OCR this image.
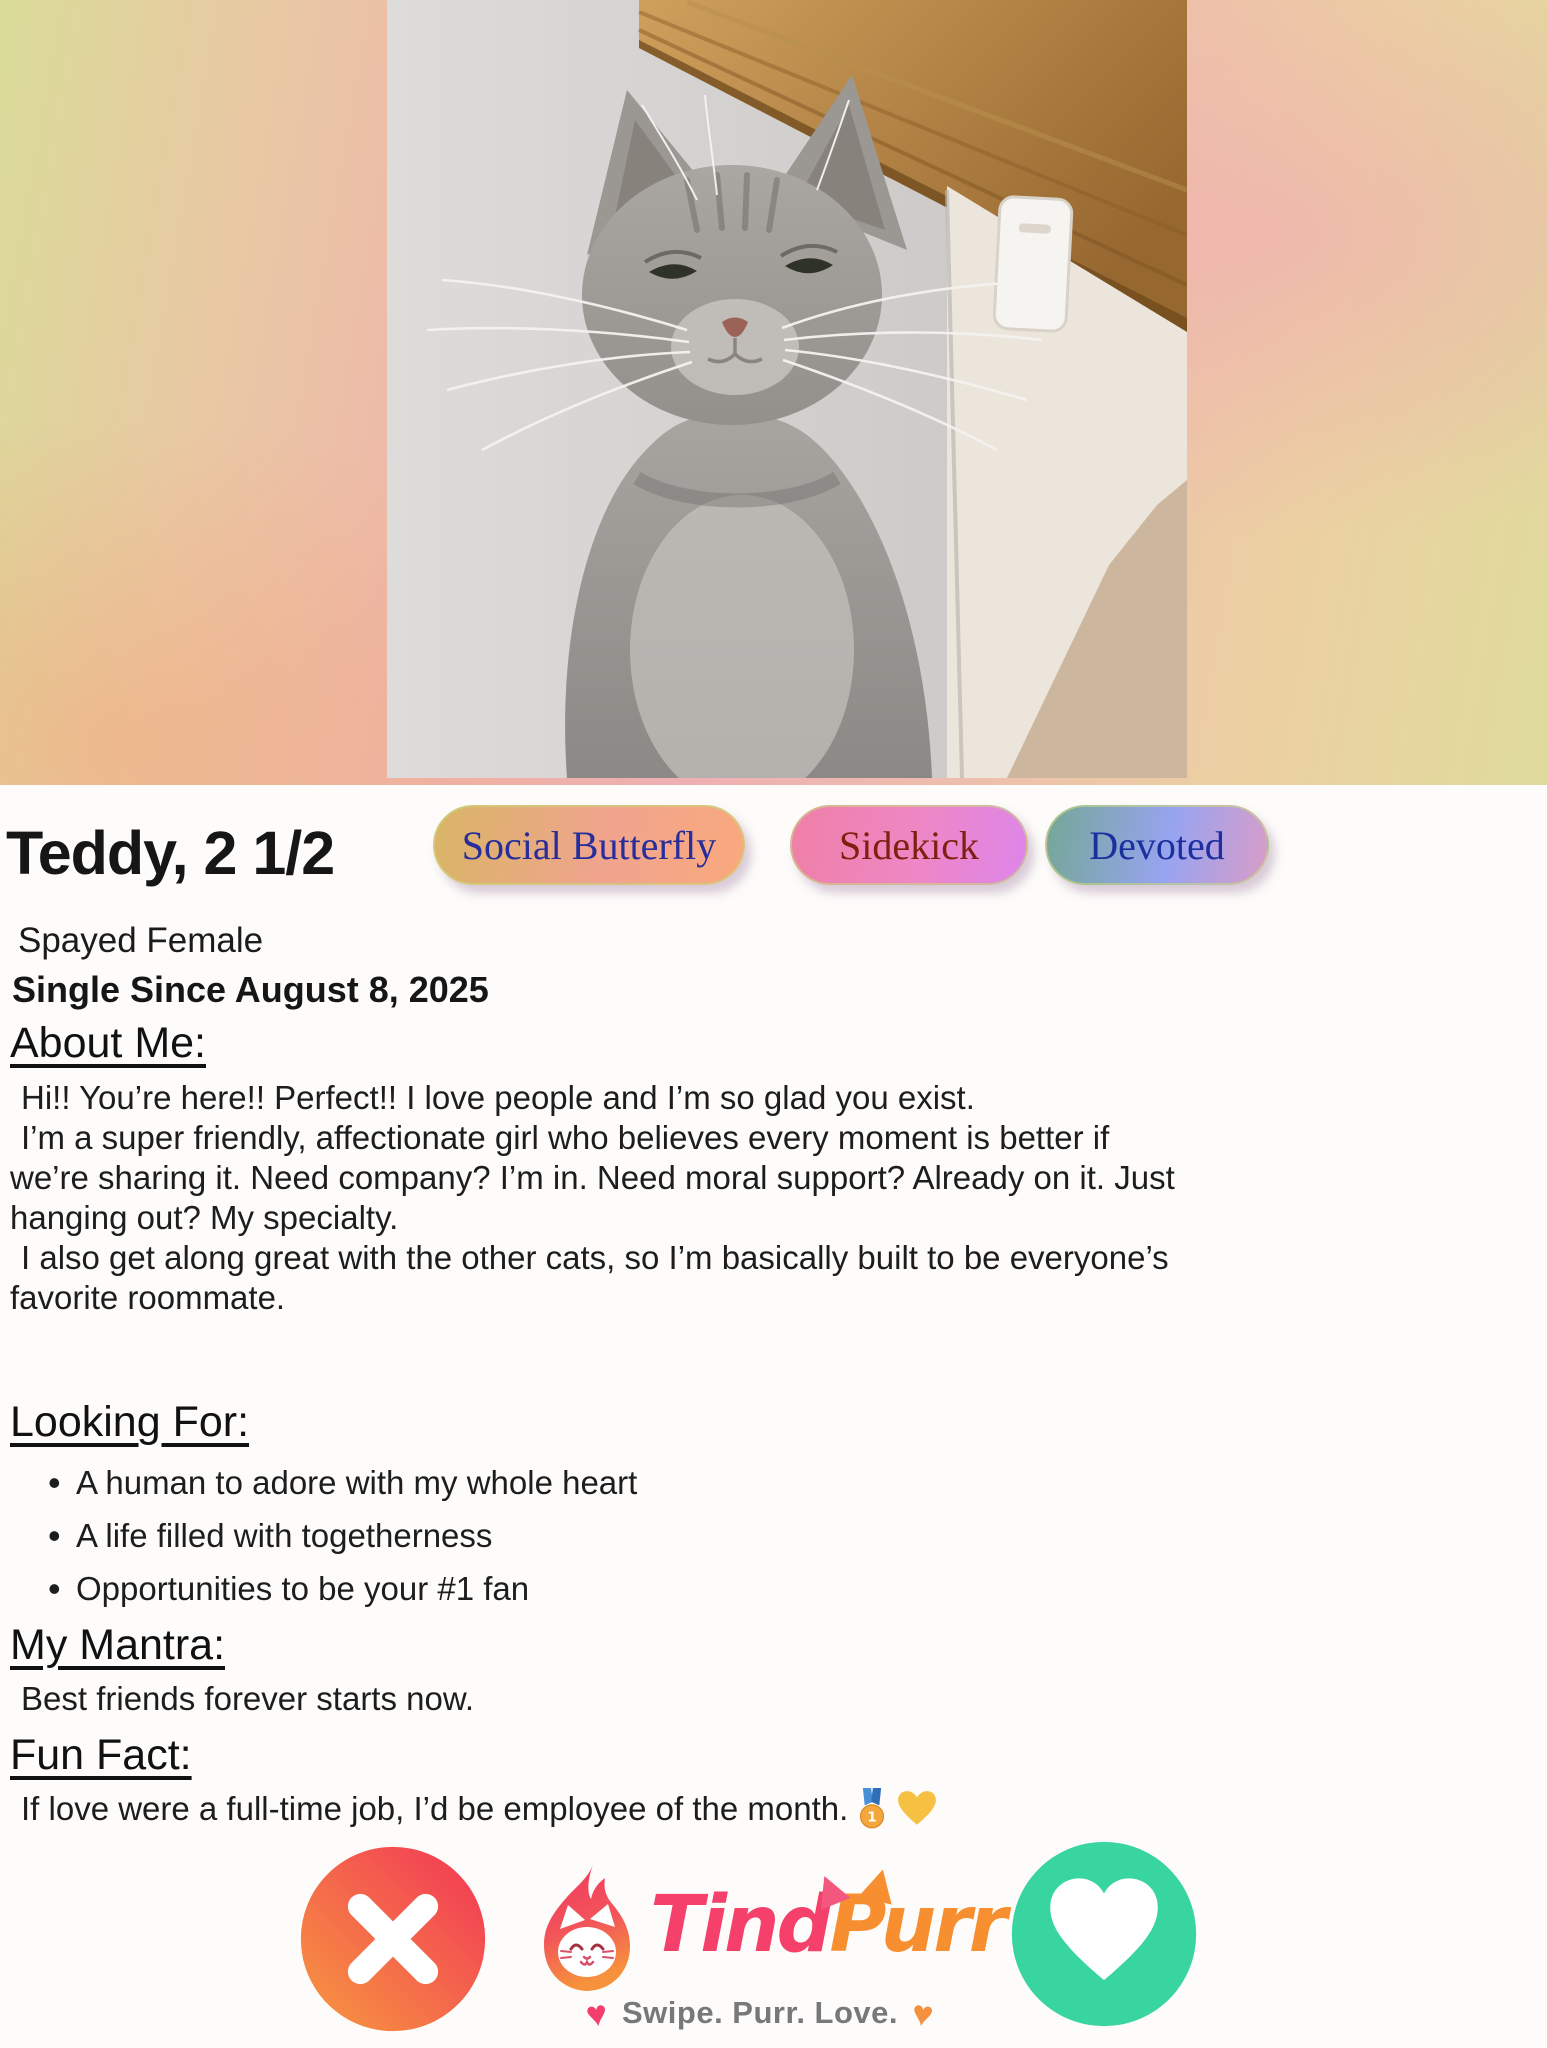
Teddy, 2 1/2	Social Butterfly	Sidekick	Devoted
Spayed Female
Single Since August 8, 2025
About Me:

Hi!! You’re here!! Perfect!! I love people and I’m so glad you exist.

I’m a super friendly, affectionate girl who believes every moment is better if we’re sharing it. Need company? I’m in. Need moral support? Already on it. Just hanging out? My specialty.

I also get along great with the other cats, so I’m basically built to be everyone’s favorite roommate.

Looking For:
• A human to adore with my whole heart
• A life filled with togetherness
• Opportunities to be your #1 fan
My Mantra:

Best friends forever starts now.

Fun Fact:
If love were a full-time job, I’d be employee of the month. 1
TindPurr
♥ Swipe. Purr. Love. ♥
